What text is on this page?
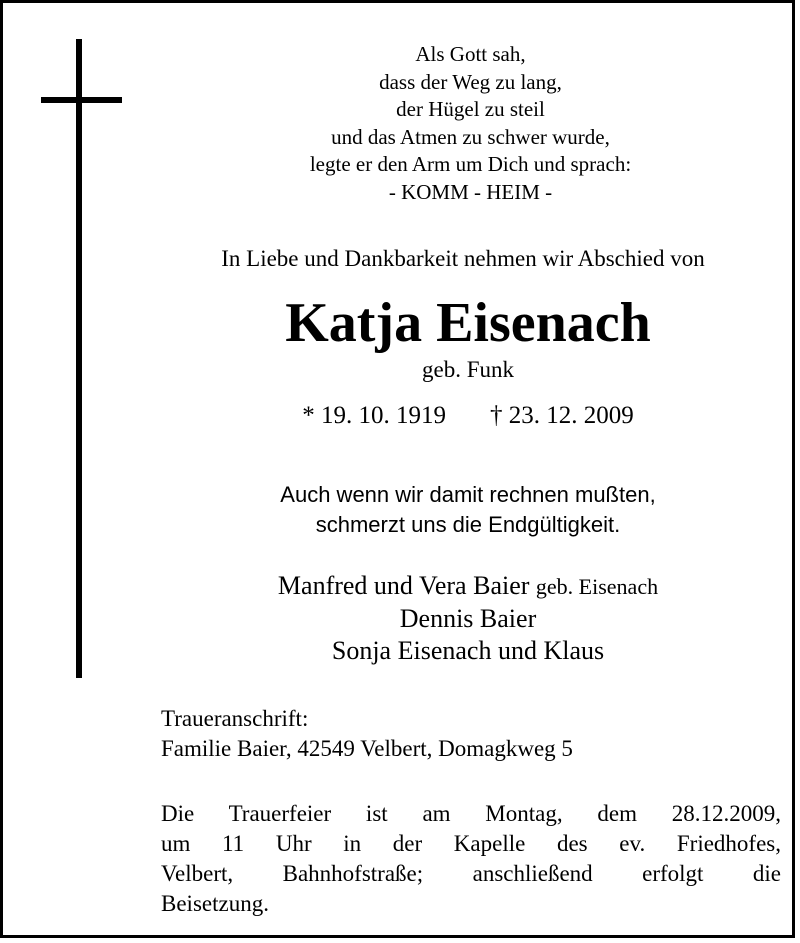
Als Gott sah,
dass der Weg zu lang,
der Hügel zu steil
und das Atmen zu schwer wurde,
legte er den Arm um Dich und sprach:
- KOMM - HEIM -
In Liebe und Dankbarkeit nehmen wir Abschied von
Katja Eisenach
geb. Funk
* 19. 10. 1919 † 23. 12. 2009
Auch wenn wir damit rechnen mußten,
schmerzt uns die Endgültigkeit.
Manfred und Vera Baier geb. Eisenach
Dennis Baier
Sonja Eisenach und Klaus
Traueranschrift:
Familie Baier, 42549 Velbert, Domagkweg 5
Die Trauerfeier ist am Montag, dem 28.12.2009,
um 11 Uhr in der Kapelle des ev. Friedhofes,
Velbert, Bahnhofstraße; anschließend erfolgt die
Beisetzung.
